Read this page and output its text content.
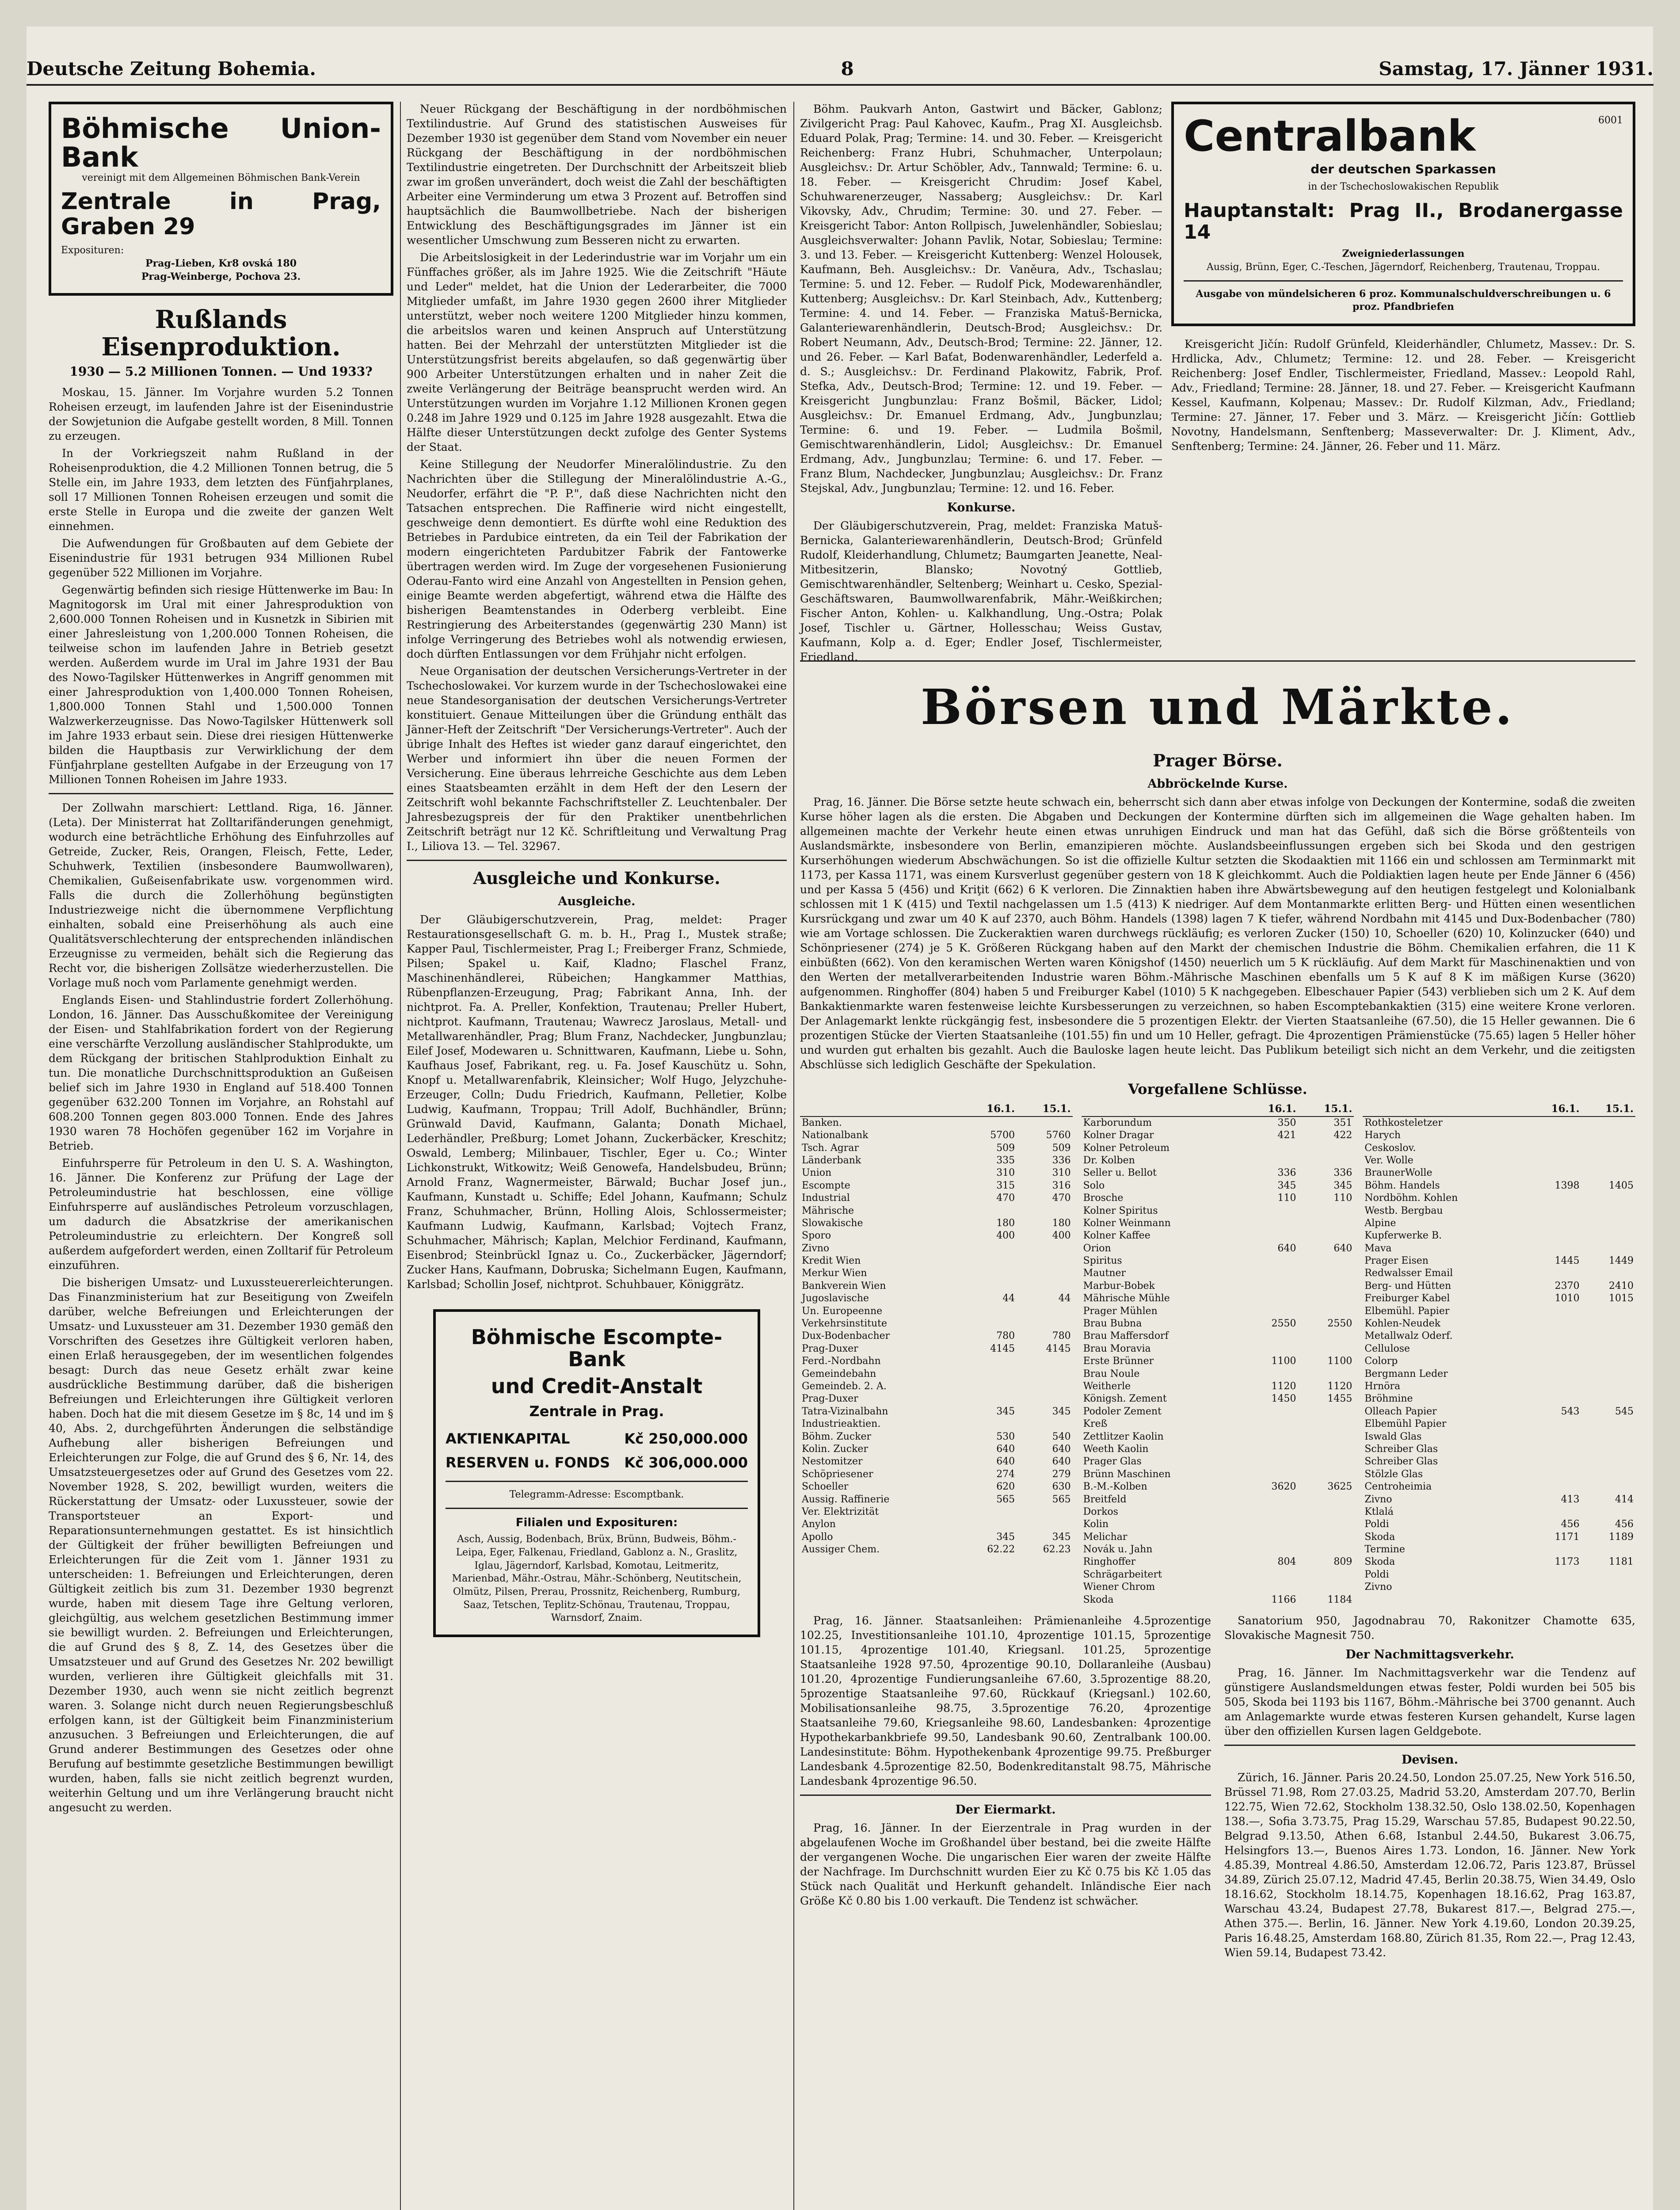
Deutsche Zeitung Bohemia.	8	Samstag, 17. Jänner 1931.
Böhmische Union-Bank
vereinigt mit dem Allgemeinen Böhmischen Bank-Verein
Zentrale in Prag, Graben 29
Exposituren:
Prag-Lieben, Kr8 ovská 180
Prag-Weinberge, Pochova 23.
Rußlands Eisenproduktion.
1930 — 5.2 Millionen Tonnen. — Und 1933?

Moskau, 15. Jänner. Im Vorjahre wurden 5.2 Tonnen Roheisen erzeugt, im laufenden Jahre ist der Eisenindustrie der Sowjetunion die Aufgabe gestellt worden, 8 Mill. Tonnen zu erzeugen.

In der Vorkriegszeit nahm Rußland in der Roheisenproduktion, die 4.2 Millionen Tonnen betrug, die 5 Stelle ein, im Jahre 1933, dem letzten des Fünfjahrplanes, soll 17 Millionen Tonnen Roheisen erzeugen und somit die erste Stelle in Europa und die zweite der ganzen Welt einnehmen.

Die Aufwendungen für Großbauten auf dem Gebiete der Eisenindustrie für 1931 betrugen 934 Millionen Rubel gegenüber 522 Millionen im Vorjahre.

Gegenwärtig befinden sich riesige Hüttenwerke im Bau: In Magnitogorsk im Ural mit einer Jahresproduktion von 2,600.000 Tonnen Roheisen und in Kusnetzk in Sibirien mit einer Jahresleistung von 1,200.000 Tonnen Roheisen, die teilweise schon im laufenden Jahre in Betrieb gesetzt werden. Außerdem wurde im Ural im Jahre 1931 der Bau des Nowo-Tagilsker Hüttenwerkes in Angriff genommen mit einer Jahresproduktion von 1,400.000 Tonnen Roheisen, 1,800.000 Tonnen Stahl und 1,500.000 Tonnen Walzwerkerzeugnisse. Das Nowo-Tagilsker Hüttenwerk soll im Jahre 1933 erbaut sein. Diese drei riesigen Hüttenwerke bilden die Hauptbasis zur Verwirklichung der dem Fünfjahrplane gestellten Aufgabe in der Erzeugung von 17 Millionen Tonnen Roheisen im Jahre 1933.

Der Zollwahn marschiert: Lettland. Riga, 16. Jänner. (Leta). Der Ministerrat hat Zolltarifänderungen genehmigt, wodurch eine beträchtliche Erhöhung des Einfuhrzolles auf Getreide, Zucker, Reis, Orangen, Fleisch, Fette, Leder, Schuhwerk, Textilien (insbesondere Baumwollwaren), Chemikalien, Gußeisenfabrikate usw. vorgenommen wird. Falls die durch die Zollerhöhung begünstigten Industriezweige nicht die übernommene Verpflichtung einhalten, sobald eine Preiserhöhung als auch eine Qualitätsverschlechterung der entsprechenden inländischen Erzeugnisse zu vermeiden, behält sich die Regierung das Recht vor, die bisherigen Zollsätze wiederherzustellen. Die Vorlage muß noch vom Parlamente genehmigt werden.

Englands Eisen- und Stahlindustrie fordert Zollerhöhung. London, 16. Jänner. Das Ausschußkomitee der Vereinigung der Eisen- und Stahlfabrikation fordert von der Regierung eine verschärfte Verzollung ausländischer Stahlprodukte, um dem Rückgang der britischen Stahlproduktion Einhalt zu tun. Die monatliche Durchschnittsproduktion an Gußeisen belief sich im Jahre 1930 in England auf 518.400 Tonnen gegenüber 632.200 Tonnen im Vorjahre, an Rohstahl auf 608.200 Tonnen gegen 803.000 Tonnen. Ende des Jahres 1930 waren 78 Hochöfen gegenüber 162 im Vorjahre in Betrieb.

Einfuhrsperre für Petroleum in den U. S. A. Washington, 16. Jänner. Die Konferenz zur Prüfung der Lage der Petroleumindustrie hat beschlossen, eine völlige Einfuhrsperre auf ausländisches Petroleum vorzuschlagen, um dadurch die Absatzkrise der amerikanischen Petroleumindustrie zu erleichtern. Der Kongreß soll außerdem aufgefordert werden, einen Zolltarif für Petroleum einzuführen.

Die bisherigen Umsatz- und Luxussteuererleichterungen. Das Finanzministerium hat zur Beseitigung von Zweifeln darüber, welche Befreiungen und Erleichterungen der Umsatz- und Luxussteuer am 31. Dezember 1930 gemäß den Vorschriften des Gesetzes ihre Gültigkeit verloren haben, einen Erlaß herausgegeben, der im wesentlichen folgendes besagt: Durch das neue Gesetz erhält zwar keine ausdrückliche Bestimmung darüber, daß die bisherigen Befreiungen und Erleichterungen ihre Gültigkeit verloren haben. Doch hat die mit diesem Gesetze im § 8c, 14 und im § 40, Abs. 2, durchgeführten Änderungen die selbständige Aufhebung aller bisherigen Befreiungen und Erleichterungen zur Folge, die auf Grund des § 6, Nr. 14, des Umsatzsteuergesetzes oder auf Grund des Gesetzes vom 22. November 1928, S. 202, bewilligt wurden, weiters die Rückerstattung der Umsatz- oder Luxussteuer, sowie der Transportsteuer an Export- und Reparationsunternehmungen gestattet. Es ist hinsichtlich der Gültigkeit der früher bewilligten Befreiungen und Erleichterungen für die Zeit vom 1. Jänner 1931 zu unterscheiden: 1. Befreiungen und Erleichterungen, deren Gültigkeit zeitlich bis zum 31. Dezember 1930 begrenzt wurde, haben mit diesem Tage ihre Geltung verloren, gleichgültig, aus welchem gesetzlichen Bestimmung immer sie bewilligt wurden. 2. Befreiungen und Erleichterungen, die auf Grund des § 8, Z. 14, des Gesetzes über die Umsatzsteuer und auf Grund des Gesetzes Nr. 202 bewilligt wurden, verlieren ihre Gültigkeit gleichfalls mit 31. Dezember 1930, auch wenn sie nicht zeitlich begrenzt waren. 3. Solange nicht durch neuen Regierungsbeschluß erfolgen kann, ist der Gültigkeit beim Finanzministerium anzusuchen. 3 Befreiungen und Erleichterungen, die auf Grund anderer Bestimmungen des Gesetzes oder ohne Berufung auf bestimmte gesetzliche Bestimmungen bewilligt wurden, haben, falls sie nicht zeitlich begrenzt wurden, weiterhin Geltung und um ihre Verlängerung braucht nicht angesucht zu werden.

Neuer Rückgang der Beschäftigung in der nordböhmischen Textilindustrie. Auf Grund des statistischen Ausweises für Dezember 1930 ist gegenüber dem Stand vom November ein neuer Rückgang der Beschäftigung in der nordböhmischen Textilindustrie eingetreten. Der Durchschnitt der Arbeitszeit blieb zwar im großen unverändert, doch weist die Zahl der beschäftigten Arbeiter eine Verminderung um etwa 3 Prozent auf. Betroffen sind hauptsächlich die Baumwollbetriebe. Nach der bisherigen Entwicklung des Beschäftigungsgrades im Jänner ist ein wesentlicher Umschwung zum Besseren nicht zu erwarten.

Die Arbeitslosigkeit in der Lederindustrie war im Vorjahr um ein Fünffaches größer, als im Jahre 1925. Wie die Zeitschrift "Häute und Leder" meldet, hat die Union der Lederarbeiter, die 7000 Mitglieder umfaßt, im Jahre 1930 gegen 2600 ihrer Mitglieder unterstützt, weber noch weitere 1200 Mitglieder hinzu kommen, die arbeitslos waren und keinen Anspruch auf Unterstützung hatten. Bei der Mehrzahl der unterstützten Mitglieder ist die Unterstützungsfrist bereits abgelaufen, so daß gegenwärtig über 900 Arbeiter Unterstützungen erhalten und in naher Zeit die zweite Verlängerung der Beiträge beansprucht werden wird. An Unterstützungen wurden im Vorjahre 1.12 Millionen Kronen gegen 0.248 im Jahre 1929 und 0.125 im Jahre 1928 ausgezahlt. Etwa die Hälfte dieser Unterstützungen deckt zufolge des Genter Systems der Staat.

Keine Stillegung der Neudorfer Mineralölindustrie. Zu den Nachrichten über die Stillegung der Mineralölindustrie A.-G., Neudorfer, erfährt die "P. P.", daß diese Nachrichten nicht den Tatsachen entsprechen. Die Raffinerie wird nicht eingestellt, geschweige denn demontiert. Es dürfte wohl eine Reduktion des Betriebes in Pardubice eintreten, da ein Teil der Fabrikation der modern eingerichteten Pardubitzer Fabrik der Fantowerke übertragen werden wird. Im Zuge der vorgesehenen Fusionierung Oderau-Fanto wird eine Anzahl von Angestellten in Pension gehen, einige Beamte werden abgefertigt, während etwa die Hälfte des bisherigen Beamtenstandes in Oderberg verbleibt. Eine Restringierung des Arbeiterstandes (gegenwärtig 230 Mann) ist infolge Verringerung des Betriebes wohl als notwendig erwiesen, doch dürften Entlassungen vor dem Frühjahr nicht erfolgen.

Neue Organisation der deutschen Versicherungs-Vertreter in der Tschechoslowakei. Vor kurzem wurde in der Tschechoslowakei eine neue Standesorganisation der deutschen Versicherungs-Vertreter konstituiert. Genaue Mitteilungen über die Gründung enthält das Jänner-Heft der Zeitschrift "Der Versicherungs-Vertreter". Auch der übrige Inhalt des Heftes ist wieder ganz darauf eingerichtet, den Werber und informiert ihn über die neuen Formen der Versicherung. Eine überaus lehrreiche Geschichte aus dem Leben eines Staatsbeamten erzählt in dem Heft der den Lesern der Zeitschrift wohl bekannte Fachschriftsteller Z. Leuchtenbaler. Der Jahresbezugspreis der für den Praktiker unentbehrlichen Zeitschrift beträgt nur 12 Kč. Schriftleitung und Verwaltung Prag I., Liliova 13. — Tel. 32967.

Ausgleiche und Konkurse.
Ausgleiche.

Der Gläubigerschutzverein, Prag, meldet: Prager Restaurationsgesellschaft G. m. b. H., Prag I., Mustek straße; Kapper Paul, Tischlermeister, Prag I.; Freiberger Franz, Schmiede, Pilsen; Spakel u. Kaif, Kladno; Flaschel Franz, Maschinenhändlerei, Rübeichen; Hangkammer Matthias, Rübenpflanzen-Erzeugung, Prag; Fabrikant Anna, Inh. der nichtprot. Fa. A. Preller, Konfektion, Trautenau; Preller Hubert, nichtprot. Kaufmann, Trautenau; Wawrecz Jaroslaus, Metall- und Metallwarenhändler, Prag; Blum Franz, Nachdecker, Jungbunzlau; Eilef Josef, Modewaren u. Schnittwaren, Kaufmann, Liebe u. Sohn, Kaufhaus Josef, Fabrikant, reg. u. Fa. Josef Kauschütz u. Sohn, Knopf u. Metallwarenfabrik, Kleinsicher; Wolf Hugo, Jelyzchuhe-Erzeuger, Colln; Dudu Friedrich, Kaufmann, Pelletier, Kolbe Ludwig, Kaufmann, Troppau; Trill Adolf, Buchhändler, Brünn; Grünwald David, Kaufmann, Galanta; Donath Michael, Lederhändler, Preßburg; Lomet Johann, Zuckerbäcker, Kreschitz; Oswald, Lemberg; Milinbauer, Tischler, Eger u. Co.; Winter Lichkonstrukt, Witkowitz; Weiß Genowefa, Handelsbudeu, Brünn; Arnold Franz, Wagnermeister, Bärwald; Buchar Josef jun., Kaufmann, Kunstadt u. Schiffe; Edel Johann, Kaufmann; Schulz Franz, Schuhmacher, Brünn, Holling Alois, Schlossermeister; Kaufmann Ludwig, Kaufmann, Karlsbad; Vojtech Franz, Schuhmacher, Mährisch; Kaplan, Melchior Ferdinand, Kaufmann, Eisenbrod; Steinbrückl Ignaz u. Co., Zuckerbäcker, Jägerndorf; Zucker Hans, Kaufmann, Dobruska; Sichelmann Eugen, Kaufmann, Karlsbad; Schollin Josef, nichtprot. Schuhbauer, Königgrätz.

Böhmische Escompte-Bank
und Credit-Anstalt
Zentrale in Prag.
AKTIENKAPITAL	Kč 250,000.000
RESERVEN u. FONDS Kč 306,000.000
Telegramm-Adresse: Escomptbank.
Filialen und Exposituren:
Asch, Aussig, Bodenbach, Brüx, Brünn, Budweis, Böhm.-Leipa, Eger, Falkenau, Friedland, Gablonz a. N., Graslitz, Iglau, Jägerndorf, Karlsbad, Komotau, Leitmeritz, Marienbad, Mähr.-Ostrau, Mähr.-Schönberg, Neutitschein, Olmütz, Pilsen, Prerau, Prossnitz, Reichenberg, Rumburg, Saaz, Tetschen, Teplitz-Schönau, Trautenau, Troppau, Warnsdorf, Znaim.

Böhm. Paukvarh Anton, Gastwirt und Bäcker, Gablonz; Zivilgericht Prag: Paul Kahovec, Kaufm., Prag XI. Ausgleichsb. Eduard Polak, Prag; Termine: 14. und 30. Feber. — Kreisgericht Reichenberg: Franz Hubri, Schuhmacher, Unterpolaun; Ausgleichsv.: Dr. Artur Schöbler, Adv., Tannwald; Termine: 6. u. 18. Feber. — Kreisgericht Chrudim: Josef Kabel, Schuhwarenerzeuger, Nassaberg; Ausgleichsv.: Dr. Karl Vikovsky, Adv., Chrudim; Termine: 30. und 27. Feber. — Kreisgericht Tabor: Anton Rollpisch, Juwelenhändler, Sobieslau; Ausgleichsverwalter: Johann Pavlik, Notar, Sobieslau; Termine: 3. und 13. Feber. — Kreisgericht Kuttenberg: Wenzel Holousek, Kaufmann, Beh. Ausgleichsv.: Dr. Vaněura, Adv., Tschaslau; Termine: 5. und 12. Feber. — Rudolf Pick, Modewarenhändler, Kuttenberg; Ausgleichsv.: Dr. Karl Steinbach, Adv., Kuttenberg; Termine: 4. und 14. Feber. — Franziska Matuš-Bernicka, Galanteriewarenhändlerin, Deutsch-Brod; Ausgleichsv.: Dr. Robert Neumann, Adv., Deutsch-Brod; Termine: 22. Jänner, 12. und 26. Feber. — Karl Baťat, Bodenwarenhändler, Lederfeld a. d. S.; Ausgleichsv.: Dr. Ferdinand Plakowitz, Fabrik, Prof. Stefka, Adv., Deutsch-Brod; Termine: 12. und 19. Feber. — Kreisgericht Jungbunzlau: Franz Bošmil, Bäcker, Lidol; Ausgleichsv.: Dr. Emanuel Erdmang, Adv., Jungbunzlau; Termine: 6. und 19. Feber. — Ludmila Bošmil, Gemischtwarenhändlerin, Lidol; Ausgleichsv.: Dr. Emanuel Erdmang, Adv., Jungbunzlau; Termine: 6. und 17. Feber. — Franz Blum, Nachdecker, Jungbunzlau; Ausgleichsv.: Dr. Franz Stejskal, Adv., Jungbunzlau; Termine: 12. und 16. Feber.

Konkurse.

Der Gläubigerschutzverein, Prag, meldet: Franziska Matuš-Bernicka, Galanteriewarenhändlerin, Deutsch-Brod; Grünfeld Rudolf, Kleiderhandlung, Chlumetz; Baumgarten Jeanette, Neal-Mitbesitzerin, Blansko; Novotný Gottlieb, Gemischtwarenhändler, Seltenberg; Weinhart u. Cesko, Spezial-Geschäftswaren, Baumwollwarenfabrik, Mähr.-Weißkirchen; Fischer Anton, Kohlen- u. Kalkhandlung, Ung.-Ostra; Polak Josef, Tischler u. Gärtner, Hollesschau; Weiss Gustav, Kaufmann, Kolp a. d. Eger; Endler Josef, Tischlermeister, Friedland.

Centralbank	6001
der deutschen Sparkassen
in der Tschechoslowakischen Republik
Hauptanstalt: Prag II., Brodanergasse 14
Zweigniederlassungen
Aussig, Brünn, Eger, C.-Teschen, Jägerndorf, Reichenberg, Trautenau, Troppau.
Ausgabe von mündelsicheren 6 proz. Kommunalschuldverschreibungen u. 6 proz. Pfandbriefen

Kreisgericht Jičín: Rudolf Grünfeld, Kleiderhändler, Chlumetz, Massev.: Dr. S. Hrdlicka, Adv., Chlumetz; Termine: 12. und 28. Feber. — Kreisgericht Reichenberg: Josef Endler, Tischlermeister, Friedland, Massev.: Leopold Rahl, Adv., Friedland; Termine: 28. Jänner, 18. und 27. Feber. — Kreisgericht Kaufmann Kessel, Kaufmann, Kolpenau; Massev.: Dr. Rudolf Kilzman, Adv., Friedland; Termine: 27. Jänner, 17. Feber und 3. März. — Kreisgericht Jičín: Gottlieb Novotny, Handelsmann, Senftenberg; Masseverwalter: Dr. J. Kliment, Adv., Senftenberg; Termine: 24. Jänner, 26. Feber und 11. März.

Börsen und Märkte.
Prager Börse.
Abbröckelnde Kurse.

Prag, 16. Jänner. Die Börse setzte heute schwach ein, beherrscht sich dann aber etwas infolge von Deckungen der Kontermine, sodaß die zweiten Kurse höher lagen als die ersten. Die Abgaben und Deckungen der Kontermine dürften sich im allgemeinen die Wage gehalten haben. Im allgemeinen machte der Verkehr heute einen etwas unruhigen Eindruck und man hat das Gefühl, daß sich die Börse größtenteils von Auslandsmärkte, insbesondere von Berlin, emanzipieren möchte. Auslandsbeeinflussungen ergeben sich bei Skoda und den gestrigen Kurserhöhungen wiederum Abschwächungen. So ist die offizielle Kultur setzten die Skodaaktien mit 1166 ein und schlossen am Terminmarkt mit 1173, per Kassa 1171, was einem Kursverlust gegenüber gestern von 18 K gleichkommt. Auch die Poldiaktien lagen heute per Ende Jänner 6 (456) und per Kassa 5 (456) und Kriţit (662) 6 K verloren. Die Zinnaktien haben ihre Abwärtsbewegung auf den heutigen festgelegt und Kolonialbank schlossen mit 1 K (415) und Textil nachgelassen um 1.5 (413) K niedriger. Auf dem Montanmarkte erlitten Berg- und Hütten einen wesentlichen Kursrückgang und zwar um 40 K auf 2370, auch Böhm. Handels (1398) lagen 7 K tiefer, während Nordbahn mit 4145 und Dux-Bodenbacher (780) wie am Vortage schlossen. Die Zuckeraktien waren durchwegs rückläufig; es verloren Zucker (150) 10, Schoeller (620) 10, Kolinzucker (640) und Schönpriesener (274) je 5 K. Größeren Rückgang haben auf den Markt der chemischen Industrie die Böhm. Chemikalien erfahren, die 11 K einbüßten (662). Von den keramischen Werten waren Königshof (1450) neuerlich um 5 K rückläufig. Auf dem Markt für Maschinenaktien und von den Werten der metallverarbeitenden Industrie waren Böhm.-Mährische Maschinen ebenfalls um 5 K auf 8 K im mäßigen Kurse (3620) aufgenommen. Ringhoffer (804) haben 5 und Freiburger Kabel (1010) 5 K nachgegeben. Elbeschauer Papier (543) verblieben sich um 2 K. Auf dem Bankaktienmarkte waren festenweise leichte Kursbesserungen zu verzeichnen, so haben Escomptebankaktien (315) eine weitere Krone verloren. Der Anlagemarkt lenkte rückgängig fest, insbesondere die 5 prozentigen Elektr. der Vierten Staatsanleihe (67.50), die 15 Heller gewannen. Die 6 prozentigen Stücke der Vierten Staatsanleihe (101.55) fin und um 10 Heller, gefragt. Die 4prozentigen Prämienstücke (75.65) lagen 5 Heller höher und wurden gut erhalten bis gezahlt. Auch die Bauloske lagen heute leicht. Das Publikum beteiligt sich nicht an dem Verkehr, und die zeitigsten Abschlüsse sich lediglich Geschäfte der Spekulation.

Vorgefallene Schlüsse.
	16.1.	15.1.
Banken.		
Nationalbank	5700	5760
Tsch. Agrar	509	509
Länderbank	335	336
Union	310	310
Escompte	315	316
Industrial	470	470
Mährische		
Slowakische	180	180
Sporo	400	400
Zivno		
Kredit Wien		
Merkur Wien		
Bankverein Wien		
Jugoslavische	44	44
Un. Europeenne		
Verkehrsinstitute		
Dux-Bodenbacher	780	780
Prag-Duxer	4145	4145
Ferd.-Nordbahn		
Gemeindebahn		
Gemeindeb. 2. A.		
Prag-Duxer		
Tatra-Vizinalbahn	345	345
Industrieaktien.		
Böhm. Zucker	530	540
Kolin. Zucker	640	640
Nestomitzer	640	640
Schöpriesener	274	279
Schoeller	620	630
Aussig. Raffinerie	565	565
Ver. Elektrizität		
Anylon		
Apollo	345	345
Aussiger Chem.	62.22	62.23
	16.1.	15.1.
Karborundum	350	351
Kolner Dragar	421	422
Kolner Petroleum		
Dr. Kolben		
Seller u. Bellot	336	336
Solo	345	345
Brosche	110	110
Kolner Spiritus		
Kolner Weinmann		
Kolner Kaffee		
Orion	640	640
Spiritus		
Mautner		
Marbur-Bobek		
Mährische Mühle		
Prager Mühlen		
Brau Bubna	2550	2550
Brau Maffersdorf		
Brau Moravia		
Erste Brünner	1100	1100
Brau Noule		
Weitherle	1120	1120
Königsh. Zement	1450	1455
Podoler Zement		
Kreß		
Zettlitzer Kaolin		
Weeth Kaolin		
Prager Glas		
Brünn Maschinen		
B.-M.-Kolben	3620	3625
Breitfeld		
Dorkos		
Kolin		
Melichar		
Novák u. Jahn		
Ringhoffer	804	809
Schrägarbeitert		
Wiener Chrom		
Skoda	1166	1184
	16.1.	15.1.
Rothkosteletzer		
Harych		
Ceskoslov.		
Ver. Wolle		
BraunerWolle		
Böhm. Handels	1398	1405
Nordböhm. Kohlen		
Westb. Bergbau		
Alpine		
Kupferwerke B.		
Mava		
Prager Eisen	1445	1449
Redwalsser Email		
Berg- und Hütten	2370	2410
Freiburger Kabel	1010	1015
Elbemühl. Papier		
Kohlen-Neudek		
Metallwalz Oderf.		
Cellulose		
Colorp		
Bergmann Leder		
Hrnöra		
Bröhmine		
Olleach Papier	543	545
Elbemühl Papier		
Iswald Glas		
Schreiber Glas		
Schreiber Glas		
Stölzle Glas		
Centroheimia		
Zivno	413	414
Ktlalá		
Poldi	456	456
Skoda	1171	1189
Termine		
Skoda	1173	1181
Poldi		
Zivno		

Prag, 16. Jänner. Staatsanleihen: Prämienanleihe 4.5prozentige 102.25, Investitionsanleihe 101.10, 4prozentige 101.15, 5prozentige 101.15, 4prozentige 101.40, Kriegsanl. 101.25, 5prozentige Staatsanleihe 1928 97.50, 4prozentige 90.10, Dollaranleihe (Ausbau) 101.20, 4prozentige Fundierungsanleihe 67.60, 3.5prozentige 88.20, 5prozentige Staatsanleihe 97.60, Rückkauf (Kriegsanl.) 102.60, Mobilisationsanleihe 98.75, 3.5prozentige 76.20, 4prozentige Staatsanleihe 79.60, Kriegsanleihe 98.60, Landesbanken: 4prozentige Hypothekarbankbriefe 99.50, Landesbank 90.60, Zentralbank 100.00. Landesinstitute: Böhm. Hypothekenbank 4prozentige 99.75. Preßburger Landesbank 4.5prozentige 82.50, Bodenkreditanstalt 98.75, Mährische Landesbank 4prozentige 96.50.

Der Eiermarkt.

Prag, 16. Jänner. In der Eierzentrale in Prag wurden in der abgelaufenen Woche im Großhandel über bestand, bei die zweite Hälfte der vergangenen Woche. Die ungarischen Eier waren der zweite Hälfte der Nachfrage. Im Durchschnitt wurden Eier zu Kč 0.75 bis Kč 1.05 das Stück nach Qualität und Herkunft gehandelt. Inländische Eier nach Größe Kč 0.80 bis 1.00 verkauft. Die Tendenz ist schwächer.

Sanatorium 950, Jagodnabrau 70, Rakonitzer Chamotte 635, Slovakische Magnesit 750.

Der Nachmittagsverkehr.

Prag, 16. Jänner. Im Nachmittagsverkehr war die Tendenz auf günstigere Auslandsmeldungen etwas fester, Poldi wurden bei 505 bis 505, Skoda bei 1193 bis 1167, Böhm.-Mährische bei 3700 genannt. Auch am Anlagemarkte wurde etwas festeren Kursen gehandelt, Kurse lagen über den offiziellen Kursen lagen Geldgebote.

Devisen.

Zürich, 16. Jänner. Paris 20.24.50, London 25.07.25, New York 516.50, Brüssel 71.98, Rom 27.03.25, Madrid 53.20, Amsterdam 207.70, Berlin 122.75, Wien 72.62, Stockholm 138.32.50, Oslo 138.02.50, Kopenhagen 138.—, Sofia 3.73.75, Prag 15.29, Warschau 57.85, Budapest 90.22.50, Belgrad 9.13.50, Athen 6.68, Istanbul 2.44.50, Bukarest 3.06.75, Helsingfors 13.—, Buenos Aires 1.73. London, 16. Jänner. New York 4.85.39, Montreal 4.86.50, Amsterdam 12.06.72, Paris 123.87, Brüssel 34.89, Zürich 25.07.12, Madrid 47.45, Berlin 20.38.75, Wien 34.49, Oslo 18.16.62, Stockholm 18.14.75, Kopenhagen 18.16.62, Prag 163.87, Warschau 43.24, Budapest 27.78, Bukarest 817.—, Belgrad 275.—, Athen 375.—. Berlin, 16. Jänner. New York 4.19.60, London 20.39.25, Paris 16.48.25, Amsterdam 168.80, Zürich 81.35, Rom 22.—, Prag 12.43, Wien 59.14, Budapest 73.42.
